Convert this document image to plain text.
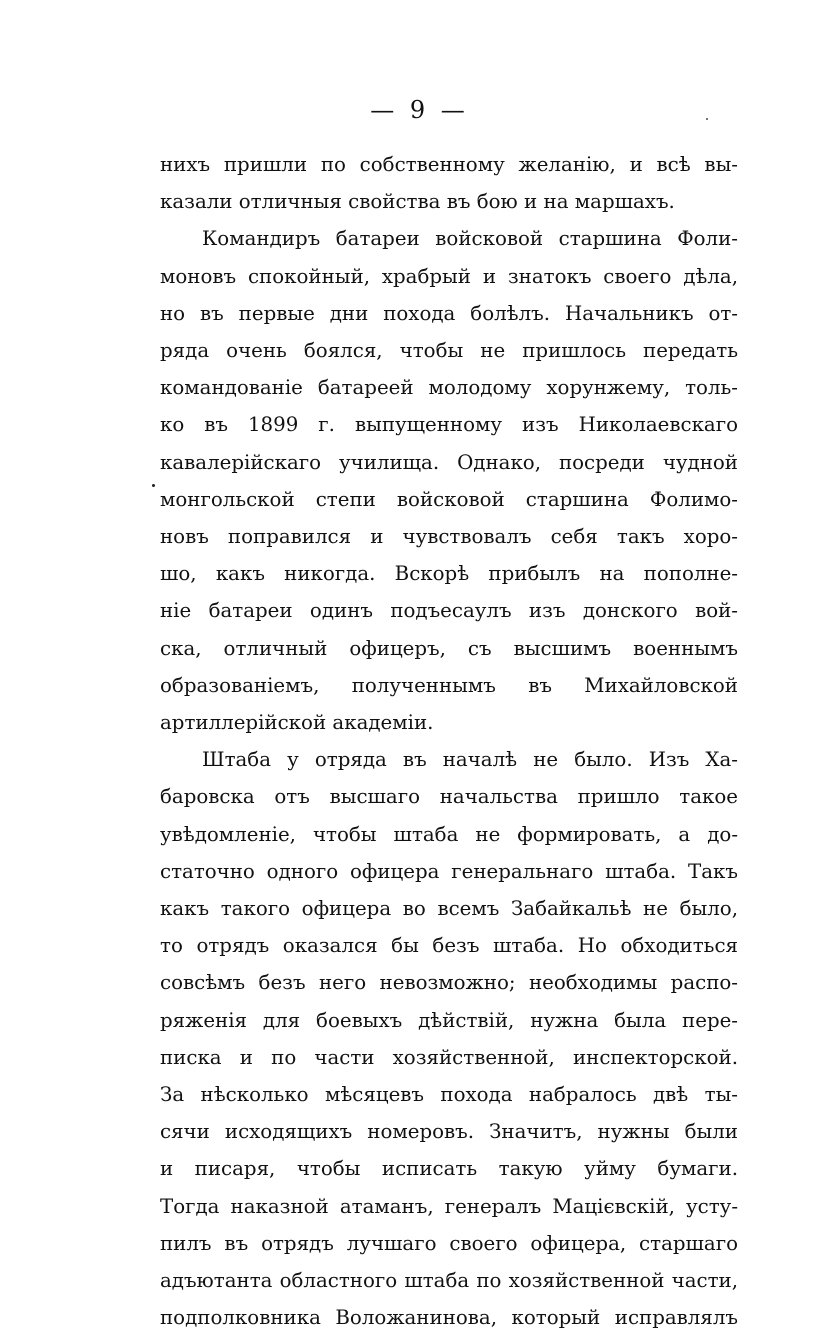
— 9 —
нихъ пришли по собственному желанію, и всѣ вы-
казали отличныя свойства въ бою и на маршахъ.
Командиръ батареи войсковой старшина Фоли-
моновъ спокойный, храбрый и знатокъ своего дѣла,
но въ первые дни похода болѣлъ. Начальникъ от-
ряда очень боялся, чтобы не пришлось передать
командованіе батареей молодому хорунжему, толь-
ко въ 1899 г. выпущенному изъ Николаевскаго
кавалерійскаго училища. Однако, посреди чудной
монгольской степи войсковой старшина Фолимо-
новъ поправился и чувствовалъ себя такъ хоро-
шо, какъ никогда. Вскорѣ прибылъ на пополне-
ніе батареи одинъ подъесаулъ изъ донского вой-
ска, отличный офицеръ, съ высшимъ военнымъ
образованіемъ, полученнымъ въ Михайловской
артиллерійской академіи.
Штаба у отряда въ началѣ не было. Изъ Ха-
баровска отъ высшаго начальства пришло такое
увѣдомленіе, чтобы штаба не формировать, а до-
статочно одного офицера генеральнаго штаба. Такъ
какъ такого офицера во всемъ Забайкальѣ не было,
то отрядъ оказался бы безъ штаба. Но обходиться
совсѣмъ безъ него невозможно; необходимы распо-
ряженія для боевыхъ дѣйствій, нужна была пере-
писка и по части хозяйственной, инспекторской.
За нѣсколько мѣсяцевъ похода набралось двѣ ты-
сячи исходящихъ номеровъ. Значитъ, нужны были
и писаря, чтобы исписать такую уйму бумаги.
Тогда наказной атаманъ, генералъ Мацієвскій, усту-
пилъ въ отрядъ лучшаго своего офицера, старшаго
адъютанта областного штаба по хозяйственной части,
подполковника Воложанинова, который исправлялъ
